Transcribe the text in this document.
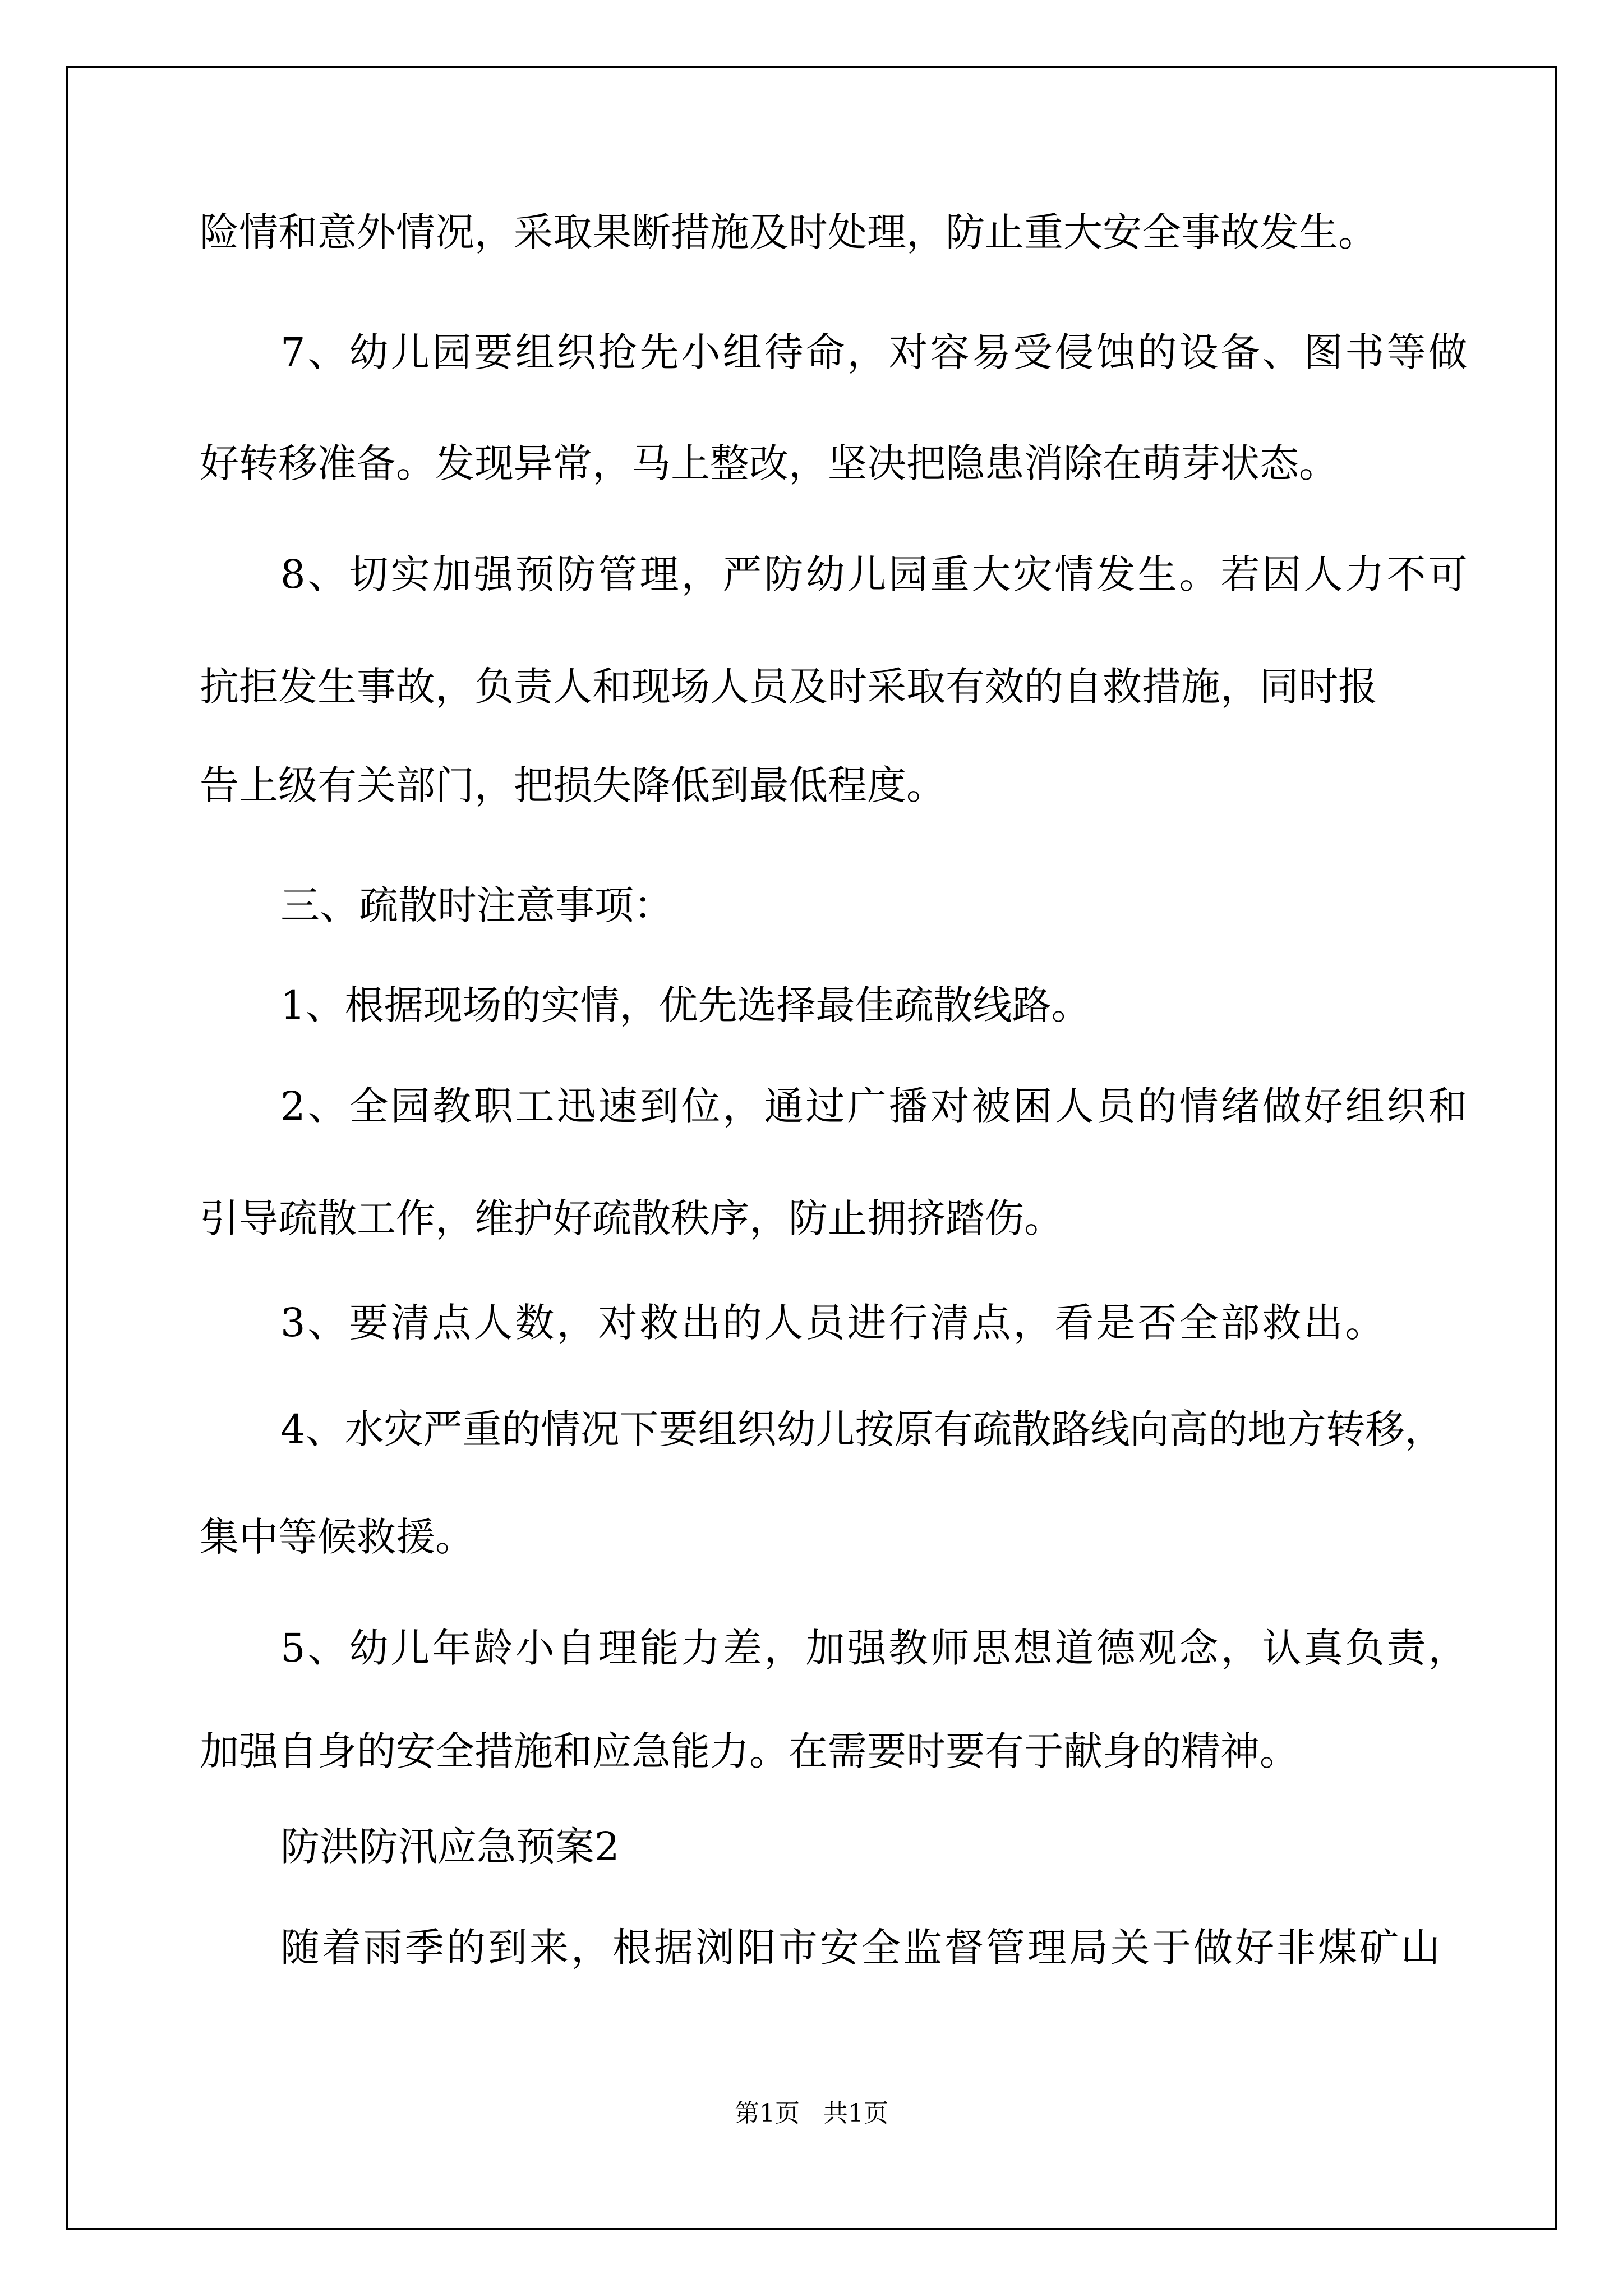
险情和意外情况，采取果断措施及时处理，防止重大安全事故发生。
7、幼儿园要组织抢先小组待命，对容易受侵蚀的设备、图书等做
好转移准备。发现异常，马上整改，坚决把隐患消除在萌芽状态。
8、切实加强预防管理，严防幼儿园重大灾情发生。若因人力不可
抗拒发生事故，负责人和现场人员及时采取有效的自救措施，同时报
告上级有关部门，把损失降低到最低程度。
三、疏散时注意事项：
1、根据现场的实情，优先选择最佳疏散线路。
2、全园教职工迅速到位，通过广播对被困人员的情绪做好组织和
引导疏散工作，维护好疏散秩序，防止拥挤踏伤。
3、要清点人数，对救出的人员进行清点，看是否全部救出。
4、水灾严重的情况下要组织幼儿按原有疏散路线向高的地方转移，
集中等候救援。
5、幼儿年龄小自理能力差，加强教师思想道德观念，认真负责，
加强自身的安全措施和应急能力。在需要时要有于献身的精神。
防洪防汛应急预案2
随着雨季的到来，根据浏阳市安全监督管理局关于做好非煤矿山
第1页   共1页
